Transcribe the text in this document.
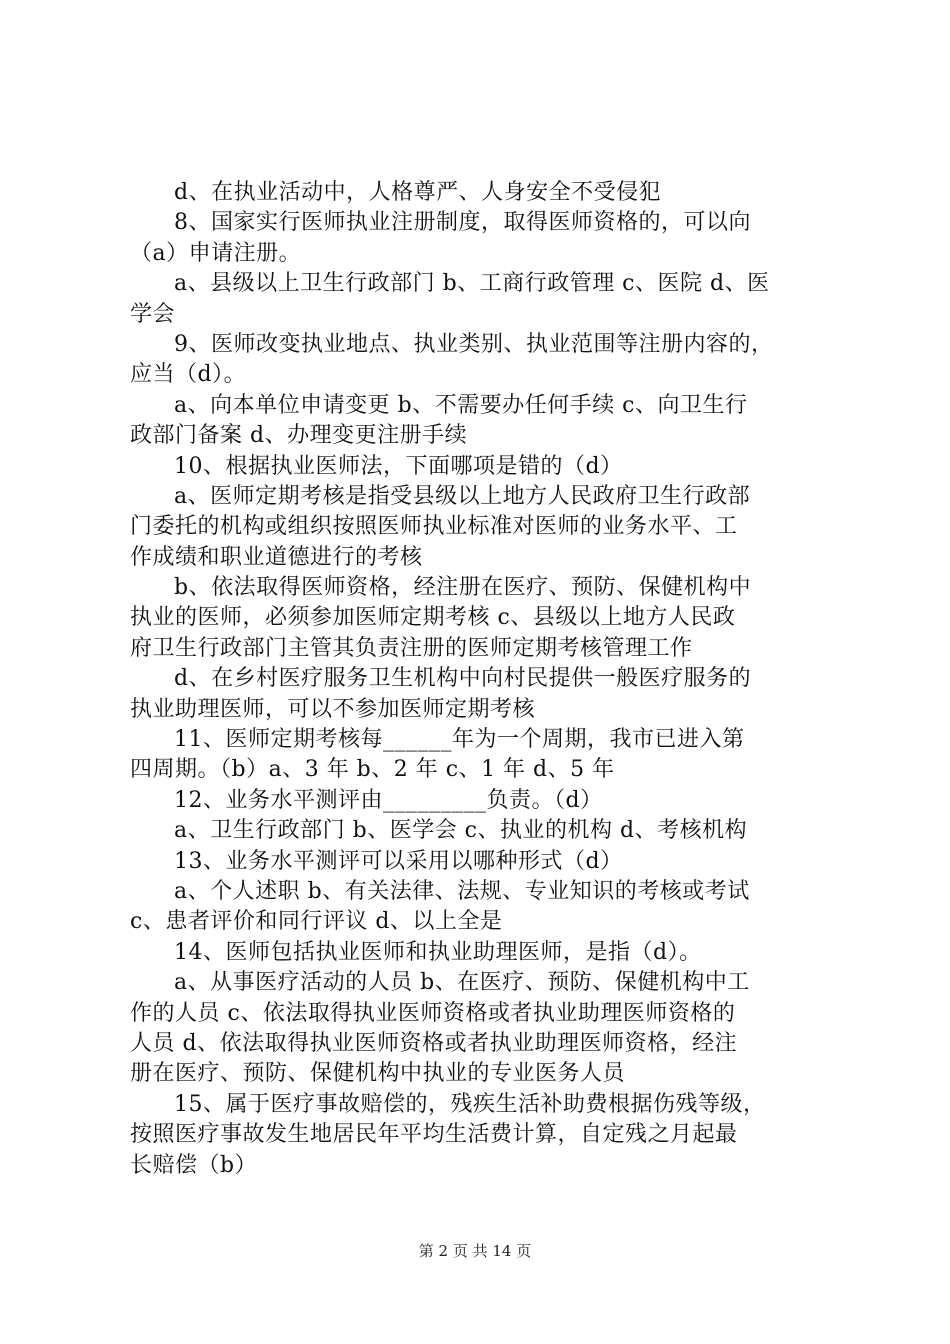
d、在执业活动中，人格尊严、人身安全不受侵犯
8、国家实行医师执业注册制度，取得医师资格的，可以向
（a）申请注册。
a、县级以上卫生行政部门 b、工商行政管理 c、医院 d、医
学会
9、医师改变执业地点、执业类别、执业范围等注册内容的，
应当（d）。
a、向本单位申请变更 b、不需要办任何手续 c、向卫生行
政部门备案 d、办理变更注册手续
10、根据执业医师法，下面哪项是错的（d）
a、医师定期考核是指受县级以上地方人民政府卫生行政部
门委托的机构或组织按照医师执业标准对医师的业务水平、工
作成绩和职业道德进行的考核
b、依法取得医师资格，经注册在医疗、预防、保健机构中
执业的医师，必须参加医师定期考核 c、县级以上地方人民政
府卫生行政部门主管其负责注册的医师定期考核管理工作
d、在乡村医疗服务卫生机构中向村民提供一般医疗服务的
执业助理医师，可以不参加医师定期考核
11、医师定期考核每______年为一个周期，我市已进入第
四周期。（b）a、3 年 b、2 年 c、1 年 d、5 年
12、业务水平测评由_________负责。（d）
a、卫生行政部门 b、医学会 c、执业的机构 d、考核机构
13、业务水平测评可以采用以哪种形式（d）
a、个人述职 b、有关法律、法规、专业知识的考核或考试
c、患者评价和同行评议 d、以上全是
14、医师包括执业医师和执业助理医师，是指（d）。
a、从事医疗活动的人员 b、在医疗、预防、保健机构中工
作的人员 c、依法取得执业医师资格或者执业助理医师资格的
人员 d、依法取得执业医师资格或者执业助理医师资格，经注
册在医疗、预防、保健机构中执业的专业医务人员
15、属于医疗事故赔偿的，残疾生活补助费根据伤残等级，
按照医疗事故发生地居民年平均生活费计算，自定残之月起最
长赔偿（b）
第 2 页 共 14 页
